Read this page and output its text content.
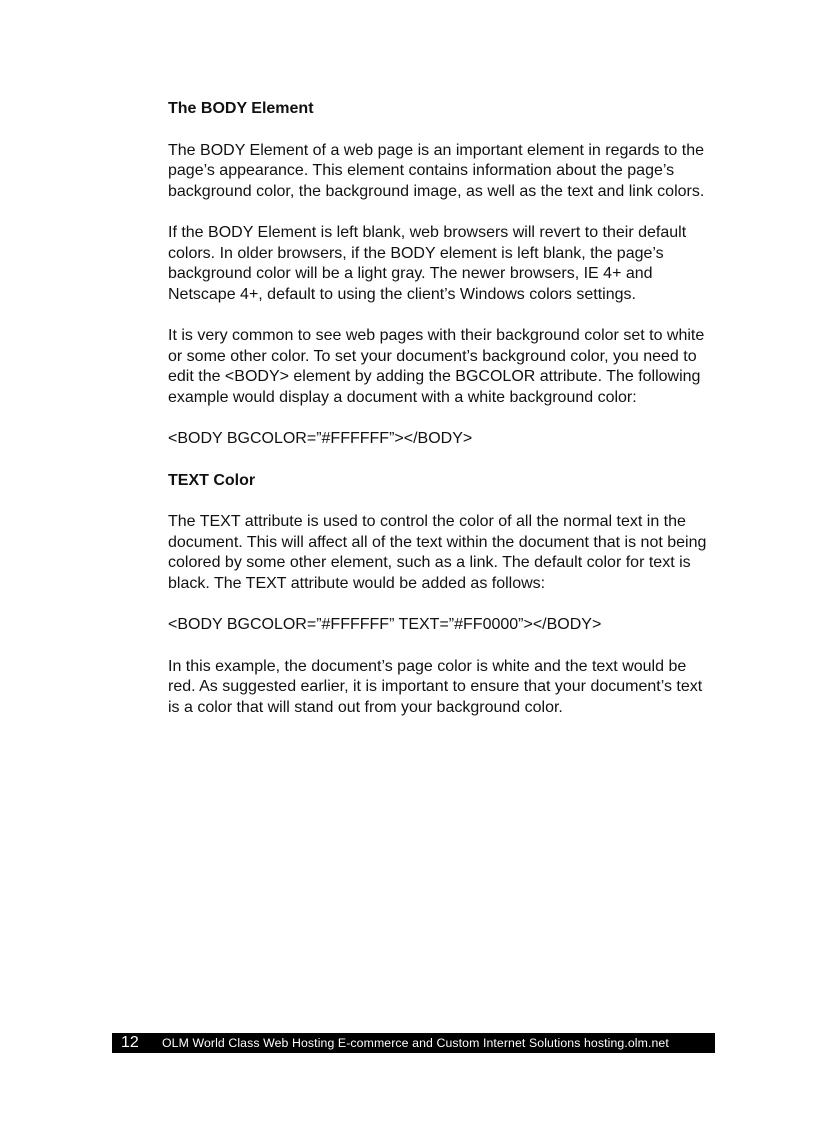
The BODY Element

The BODY Element of a web page is an important element in regards to the page’s appearance. This element contains information about the page’s background color, the background image, as well as the text and link colors.

If the BODY Element is left blank, web browsers will revert to their default colors. In older browsers, if the BODY element is left blank, the page’s background color will be a light gray. The newer browsers, IE 4+ and Netscape 4+, default to using the client’s Windows colors settings.

It is very common to see web pages with their background color set to white or some other color. To set your document’s background color, you need to edit the <BODY> element by adding the BGCOLOR attribute. The following example would display a document with a white background color:

<BODY BGCOLOR=”#FFFFFF”></BODY>

TEXT Color

The TEXT attribute is used to control the color of all the normal text in the document. This will affect all of the text within the document that is not being colored by some other element, such as a link. The default color for text is black. The TEXT attribute would be added as follows:

<BODY BGCOLOR=”#FFFFFF” TEXT=”#FF0000”></BODY>

In this example, the document’s page color is white and the text would be red. As suggested earlier, it is important to ensure that your document’s text is a color that will stand out from your background color.

12	OLM World Class Web Hosting E-commerce and Custom Internet Solutions hosting.olm.net
